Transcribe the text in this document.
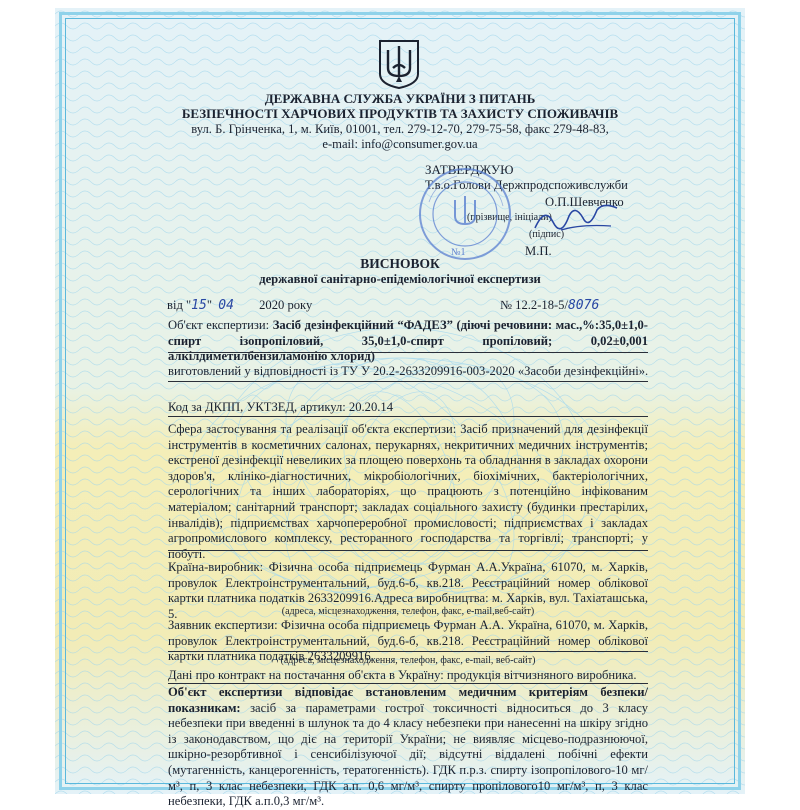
ДЕРЖАВНА СЛУЖБА УКРАЇНИ З ПИТАНЬ
БЕЗПЕЧНОСТІ ХАРЧОВИХ ПРОДУКТІВ ТА ЗАХИСТУ СПОЖИВАЧІВ
вул. Б. Грінченка, 1, м. Київ, 01001, тел. 279-12-70, 279-75-58, факс 279-48-83,
e-mail: info@consumer.gov.ua
ЗАТВЕРДЖУЮ
Т.в.о.Голови Держпродспоживслужби
О.П.Шевченко
(прізвище, ініціали)
(підпис)
М.П.
№1
ВИСНОВОК
державної санітарно-епідеміологічної експертизи
від "15" 04 2020 року	№ 12.2-18-5/8076
Об'єкт експертизи: Засіб дезінфекційний “ФАДЕЗ” (діючі речовини: мас.,%:35,0±1,0-спирт ізопропіловий, 35,0±1,0-спирт пропіловий; 0,02±0,001 алкілдиметилбензиламонію хлорид)
виготовлений у відповідності із ТУ У 20.2-2633209916-003-2020 «Засоби дезінфекційні».
Код за ДКПП, УКТЗЕД, артикул: 20.20.14
Сфера застосування та реалізації об'єкта експертизи: Засіб призначений для дезінфекції інструментів в косметичних салонах, перукарнях, некритичних медичних інструментів; екстреної дезінфекції невеликих за площею поверхонь та обладнання в закладах охорони здоров'я, клініко-діагностичних, мікробіологічних, біохімічних, бактеріологічних, серологічних та інших лабораторіях, що працюють з потенційно інфікованим матеріалом; санітарний транспорт; закладах соціального захисту (будинки престарілих, інвалідів); підприємствах харчопереробної промисловості; підприємствах і закладах агропромислового комплексу, ресторанного господарства та торгівлі; транспорті; у побуті.
Країна-виробник: Фізична особа підприємець Фурман А.А.Україна, 61070, м. Харків, провулок Електроінструментальний, буд.6-б, кв.218. Реєстраційний номер облікової картки платника податків 2633209916.Адреса виробництва: м. Харків, вул. Тахіаташська, 5.	(адреса, місцезнаходження, телефон, факс, e-mail,веб-сайт)
Заявник експертизи: Фізична особа підприємець Фурман А.А. Україна, 61070, м. Харків, провулок Електроінструментальний, буд.6-б, кв.218. Реєстраційний номер облікової картки платника податків 2633209916.
(адреса, місцезнаходження, телефон, факс, e-mail, веб-сайт)
Дані про контракт на постачання об'єкта в Україну: продукція вітчизняного виробника.
Об'єкт експертизи відповідає встановленим медичним критеріям безпеки/показникам: засіб за параметрами гострої токсичності відноситься до 3 класу небезпеки при введенні в шлунок та до 4 класу небезпеки при нанесенні на шкіру згідно із законодавством, що діє на території України; не виявляє місцево-подразнюючої, шкірно-резорбтивної і сенсибілізуючої дії; відсутні віддалені побічні ефекти (мутагенність, канцерогенність, тератогенність). ГДК п.р.з. спирту ізопропілового-10 мг/м³, п, 3 клас небезпеки, ГДК а.п. 0,6 мг/м³, спирту пропілового10 мг/м³, п, 3 клас небезпеки, ГДК а.п.0,3 мг/м³.
